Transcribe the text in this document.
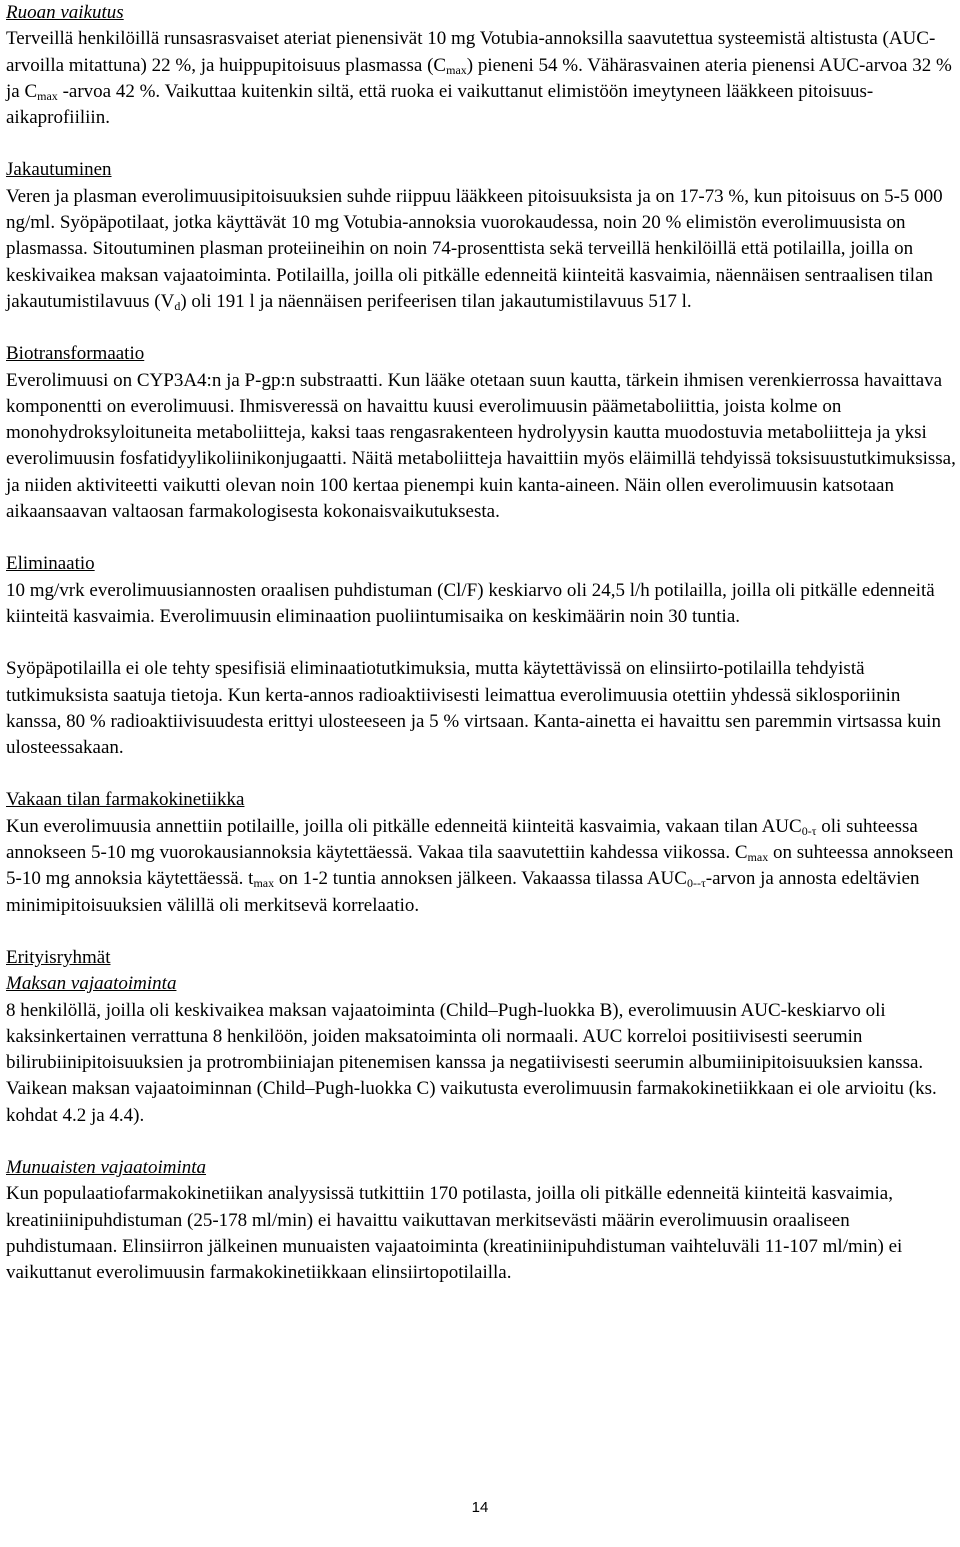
Ruoan vaikutus

Terveillä henkilöillä runsasrasvaiset ateriat pienensivät 10 mg Votubia-annoksilla saavutettua systeemistä altistusta (AUC-arvoilla mitattuna) 22 %, ja huippupitoisuus plasmassa $(C_{max})$ pieneni 54 %. Vähärasvainen ateria pienensi AUC-arvoa 32 % ja $C_{max}$ -arvoa 42 %. Vaikuttaa kuitenkin siltä, että ruoka ei vaikuttanut elimistöön imeytyneen lääkkeen pitoisuus-aikaprofiiliin.

Jakautuminen

Veren ja plasman everolimuusipitoisuuksien suhde riippuu lääkkeen pitoisuuksista ja on 17-73 %, kun pitoisuus on 5-5 000 ng/ml. Syöpäpotilaat, jotka käyttävät 10 mg Votubia-annoksia vuorokaudessa, noin 20 % elimistön everolimuusista on plasmassa. Sitoutuminen plasman proteiineihin on noin 74-prosenttista sekä terveillä henkilöillä että potilailla, joilla on keskivaikea maksan vajaatoiminta. Potilailla, joilla oli pitkälle edenneitä kiinteitä kasvaimia, näennäisen sentraalisen tilan jakautumistilavuus $(V_d)$ oli 191 l ja näennäisen perifeerisen tilan jakautumistilavuus 517 l.

Biotransformaatio

Everolimuusi on CYP3A4:n ja P-gp:n substraatti. Kun lääke otetaan suun kautta, tärkein ihmisen verenkierrossa havaittava komponentti on everolimuusi. Ihmisveressä on havaittu kuusi everolimuusin päämetaboliittia, joista kolme on monohydroksyloituneita metaboliitteja, kaksi taas rengasrakenteen hydrolyysin kautta muodostuvia metaboliitteja ja yksi everolimuusin fosfatidyylikoliinikonjugaatti. Näitä metaboliitteja havaittiin myös eläimillä tehdyissä toksisuustutkimuksissa, ja niiden aktiviteetti vaikutti olevan noin 100 kertaa pienempi kuin kanta-aineen. Näin ollen everolimuusin katsotaan aikaansaavan valtaosan farmakologisesta kokonaisvaikutuksesta.

Eliminaatio

10 mg/vrk everolimuusiannosten oraalisen puhdistuman (Cl/F) keskiarvo oli 24,5 l/h potilailla, joilla oli pitkälle edenneitä kiinteitä kasvaimia. Everolimuusin eliminaation puoliintumisaika on keskimäärin noin 30 tuntia.

Syöpäpotilailla ei ole tehty spesifisiä eliminaatiotutkimuksia, mutta käytettävissä on elinsiirto-potilailla tehdyistä tutkimuksista saatuja tietoja. Kun kerta-annos radioaktiivisesti leimattua everolimuusia otettiin yhdessä siklosporiinin kanssa, 80 % radioaktiivisuudesta erittyi ulosteeseen ja 5 % virtsaan. Kanta-ainetta ei havaittu sen paremmin virtsassa kuin ulosteessakaan.

Vakaan tilan farmakokinetiikka

Kun everolimuusia annettiin potilaille, joilla oli pitkälle edenneitä kiinteitä kasvaimia, vakaan tilan $AUC_{0-\tau}$ oli suhteessa annokseen 5-10 mg vuorokausiannoksia käytettäessä. Vakaa tila saavutettiin kahdessa viikossa. $C_{max}$ on suhteessa annokseen 5-10 mg annoksia käytettäessä. $t_{max}$ on 1-2 tuntia annoksen jälkeen. Vakaassa tilassa $AUC_{0--\tau}$-arvon ja annosta edeltävien minimipitoisuuksien välillä oli merkitsevä korrelaatio.

Erityisryhmät
Maksan vajaatoiminta

8 henkilöllä, joilla oli keskivaikea maksan vajaatoiminta (Child–Pugh-luokka B), everolimuusin AUC-keskiarvo oli kaksinkertainen verrattuna 8 henkilöön, joiden maksatoiminta oli normaali. AUC korreloi positiivisesti seerumin bilirubiinipitoisuuksien ja protrombiiniajan pitenemisen kanssa ja negatiivisesti seerumin albumiinipitoisuuksien kanssa. Vaikean maksan vajaatoiminnan (Child–Pugh-luokka C) vaikutusta everolimuusin farmakokinetiikkaan ei ole arvioitu (ks. kohdat 4.2 ja 4.4).

Munuaisten vajaatoiminta

Kun populaatiofarmakokinetiikan analyysissä tutkittiin 170 potilasta, joilla oli pitkälle edenneitä kiinteitä kasvaimia, kreatiniinipuhdistuman (25-178 ml/min) ei havaittu vaikuttavan merkitsevästi määrin everolimuusin oraaliseen puhdistumaan. Elinsiirron jälkeinen munuaisten vajaatoiminta (kreatiniinipuhdistuman vaihteluväli 11-107 ml/min) ei vaikuttanut everolimuusin farmakokinetiikkaan elinsiirtopotilailla.

14
